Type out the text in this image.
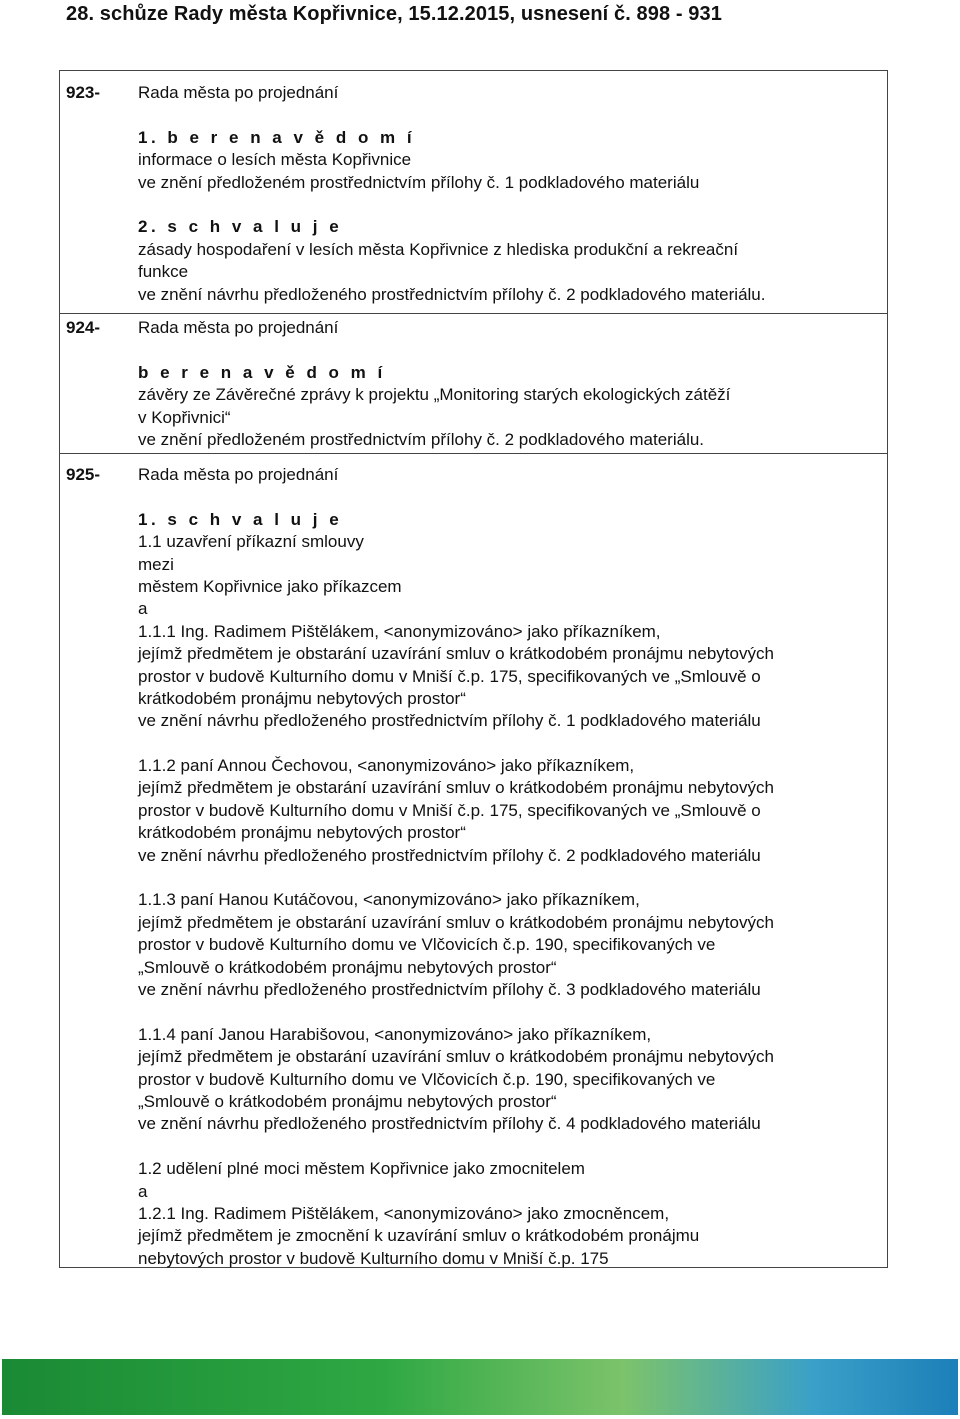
28. schůze Rady města Kopřivnice, 15.12.2015, usnesení č. 898 - 931
923- Rada města po projednání
1. b e r e n a v ě d o m í
informace o lesích města Kopřivnice
ve znění předloženém prostřednictvím přílohy č. 1 podkladového materiálu
2. s c h v a l u j e
zásady hospodaření v lesích města Kopřivnice z hlediska produkční a rekreační
funkce
ve znění návrhu předloženého prostřednictvím přílohy č. 2 podkladového materiálu.
924- Rada města po projednání
b e r e n a v ě d o m í
závěry ze Závěrečné zprávy k projektu „Monitoring starých ekologických zátěží
v Kopřivnici“
ve znění předloženém prostřednictvím přílohy č. 2 podkladového materiálu.
925- Rada města po projednání
1. s c h v a l u j e
1.1 uzavření příkazní smlouvy
mezi
městem Kopřivnice jako příkazcem
a
1.1.1 Ing. Radimem Pištělákem, <anonymizováno> jako příkazníkem,
jejímž předmětem je obstarání uzavírání smluv o krátkodobém pronájmu nebytových
prostor v budově Kulturního domu v Mniší č.p. 175, specifikovaných ve „Smlouvě o
krátkodobém pronájmu nebytových prostor“
ve znění návrhu předloženého prostřednictvím přílohy č. 1 podkladového materiálu
1.1.2 paní Annou Čechovou, <anonymizováno> jako příkazníkem,
jejímž předmětem je obstarání uzavírání smluv o krátkodobém pronájmu nebytových
prostor v budově Kulturního domu v Mniší č.p. 175, specifikovaných ve „Smlouvě o
krátkodobém pronájmu nebytových prostor“
ve znění návrhu předloženého prostřednictvím přílohy č. 2 podkladového materiálu
1.1.3 paní Hanou Kutáčovou, <anonymizováno> jako příkazníkem,
jejímž předmětem je obstarání uzavírání smluv o krátkodobém pronájmu nebytových
prostor v budově Kulturního domu ve Vlčovicích č.p. 190, specifikovaných ve
„Smlouvě o krátkodobém pronájmu nebytových prostor“
ve znění návrhu předloženého prostřednictvím přílohy č. 3 podkladového materiálu
1.1.4 paní Janou Harabišovou, <anonymizováno> jako příkazníkem,
jejímž předmětem je obstarání uzavírání smluv o krátkodobém pronájmu nebytových
prostor v budově Kulturního domu ve Vlčovicích č.p. 190, specifikovaných ve
„Smlouvě o krátkodobém pronájmu nebytových prostor“
ve znění návrhu předloženého prostřednictvím přílohy č. 4 podkladového materiálu
1.2 udělení plné moci městem Kopřivnice jako zmocnitelem
a
1.2.1 Ing. Radimem Pištělákem, <anonymizováno> jako zmocněncem,
jejímž předmětem je zmocnění k uzavírání smluv o krátkodobém pronájmu
nebytových prostor v budově Kulturního domu v Mniší č.p. 175
